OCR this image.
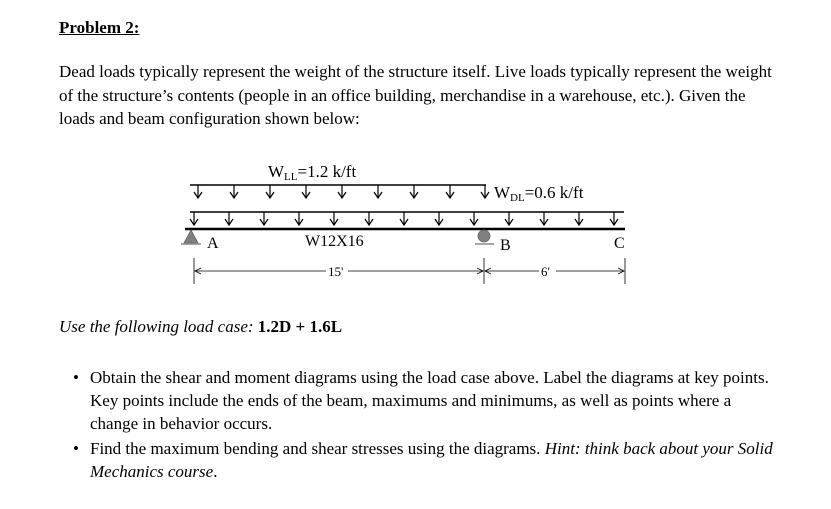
Problem 2:

Dead loads typically represent the weight of the structure itself. Live loads typically represent the weight of the structure’s contents (people in an office building, merchandise in a warehouse, etc.). Given the loads and beam configuration shown below:

WLL=1.2 k/ft
WDL=0.6 k/ft
A	B	C
W12X16
15'	6'
Use the following load case: 1.2D + 1.6L
• Obtain the shear and moment diagrams using the load case above. Label the diagrams at key points. Key points include the ends of the beam, maximums and minimums, as well as points where a change in behavior occurs.
• Find the maximum bending and shear stresses using the diagrams. Hint: think back about your Solid Mechanics course.
